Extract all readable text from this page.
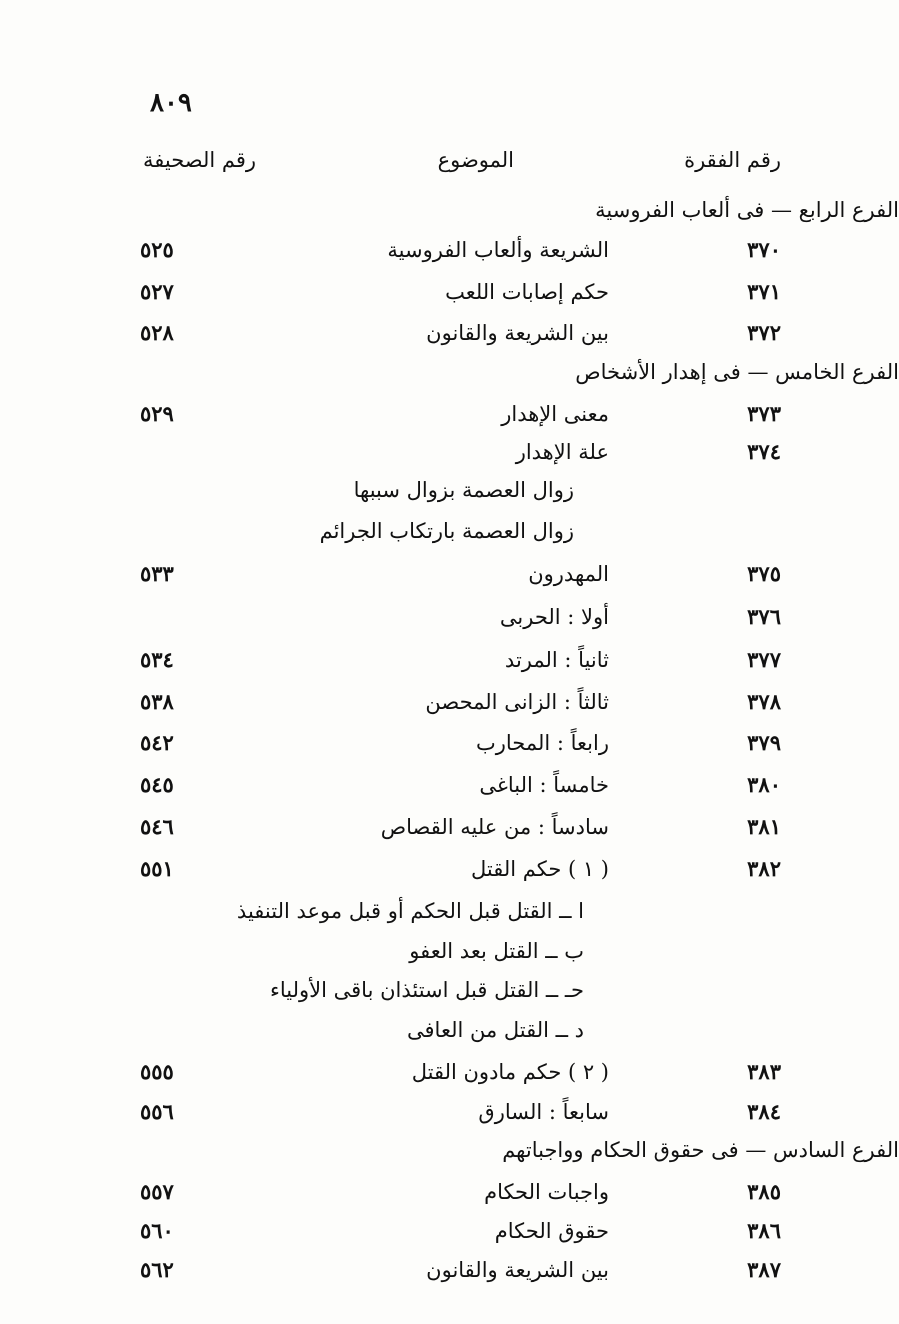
٨٠٩
رقم الفقرة
الموضوع
رقم الصحيفة
الفرع الرابع — فى ألعاب الفروسية
٣٧٠
الشريعة وألعاب الفروسية
٥٢٥
٣٧١
حكم إصابات اللعب
٥٢٧
٣٧٢
بين الشريعة والقانون
٥٢٨
الفرع الخامس — فى إهدار الأشخاص
٣٧٣
معنى الإهدار
٥٢٩
٣٧٤
علة الإهدار
زوال العصمة بزوال سببها
زوال العصمة بارتكاب الجرائم
٣٧٥
المهدرون
٥٣٣
٣٧٦
أولا : الحربى
٣٧٧
ثانياً : المرتد
٥٣٤
٣٧٨
ثالثاً : الزانى المحصن
٥٣٨
٣٧٩
رابعاً : المحارب
٥٤٢
٣٨٠
خامساً : الباغى
٥٤٥
٣٨١
سادساً : من عليه القصاص
٥٤٦
٣٨٢
( ١ ) حكم القتل
٥٥١
ا ــ القتل قبل الحكم أو قبل موعد التنفيذ
ب ــ القتل بعد العفو
حـ ــ القتل قبل استئذان باقى الأولياء
د ــ القتل من العافى
٣٨٣
( ٢ ) حكم مادون القتل
٥٥٥
٣٨٤
سابعاً : السارق
٥٥٦
الفرع السادس — فى حقوق الحكام وواجباتهم
٣٨٥
واجبات الحكام
٥٥٧
٣٨٦
حقوق الحكام
٥٦٠
٣٨٧
بين الشريعة والقانون
٥٦٢
